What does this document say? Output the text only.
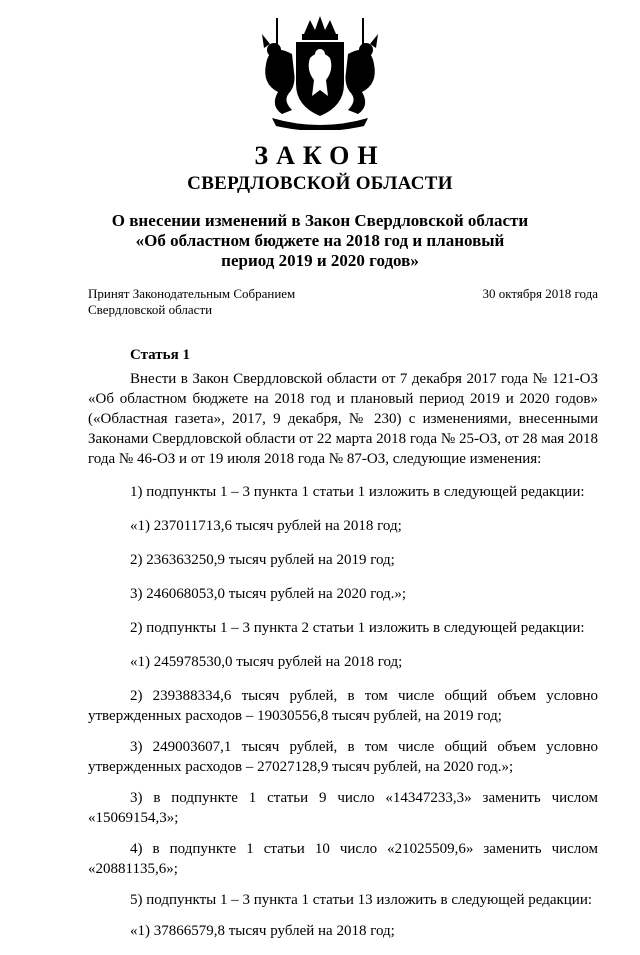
ЗАКОН
СВЕРДЛОВСКОЙ ОБЛАСТИ
О внесении изменений в Закон Свердловской области
«Об областном бюджете на 2018 год и плановый
период 2019 и 2020 годов»
Принят Законодательным Собранием
Свердловской области
30 октября 2018 года
Статья 1

Внести в Закон Свердловской области от 7 декабря 2017 года № 121-ОЗ «Об областном бюджете на 2018 год и плановый период 2019 и 2020 годов» («Областная газета», 2017, 9 декабря, № 230) с изменениями, внесенными Законами Свердловской области от 22 марта 2018 года № 25-ОЗ, от 28 мая 2018 года № 46-ОЗ и от 19 июля 2018 года № 87-ОЗ, следующие изменения:

1) подпункты 1 – 3 пункта 1 статьи 1 изложить в следующей редакции:

«1) 237011713,6 тысяч рублей на 2018 год;

2) 236363250,9 тысяч рублей на 2019 год;

3) 246068053,0 тысяч рублей на 2020 год.»;

2) подпункты 1 – 3 пункта 2 статьи 1 изложить в следующей редакции:

«1) 245978530,0 тысяч рублей на 2018 год;

2) 239388334,6 тысяч рублей, в том числе общий объем условно утвержденных расходов – 19030556,8 тысяч рублей, на 2019 год;

3) 249003607,1 тысяч рублей, в том числе общий объем условно утвержденных расходов – 27027128,9 тысяч рублей, на 2020 год.»;

3) в подпункте 1 статьи 9 число «14347233,3» заменить числом «15069154,3»;

4) в подпункте 1 статьи 10 число «21025509,6» заменить числом «20881135,6»;

5) подпункты 1 – 3 пункта 1 статьи 13 изложить в следующей редакции:

«1) 37866579,8 тысяч рублей на 2018 год;
